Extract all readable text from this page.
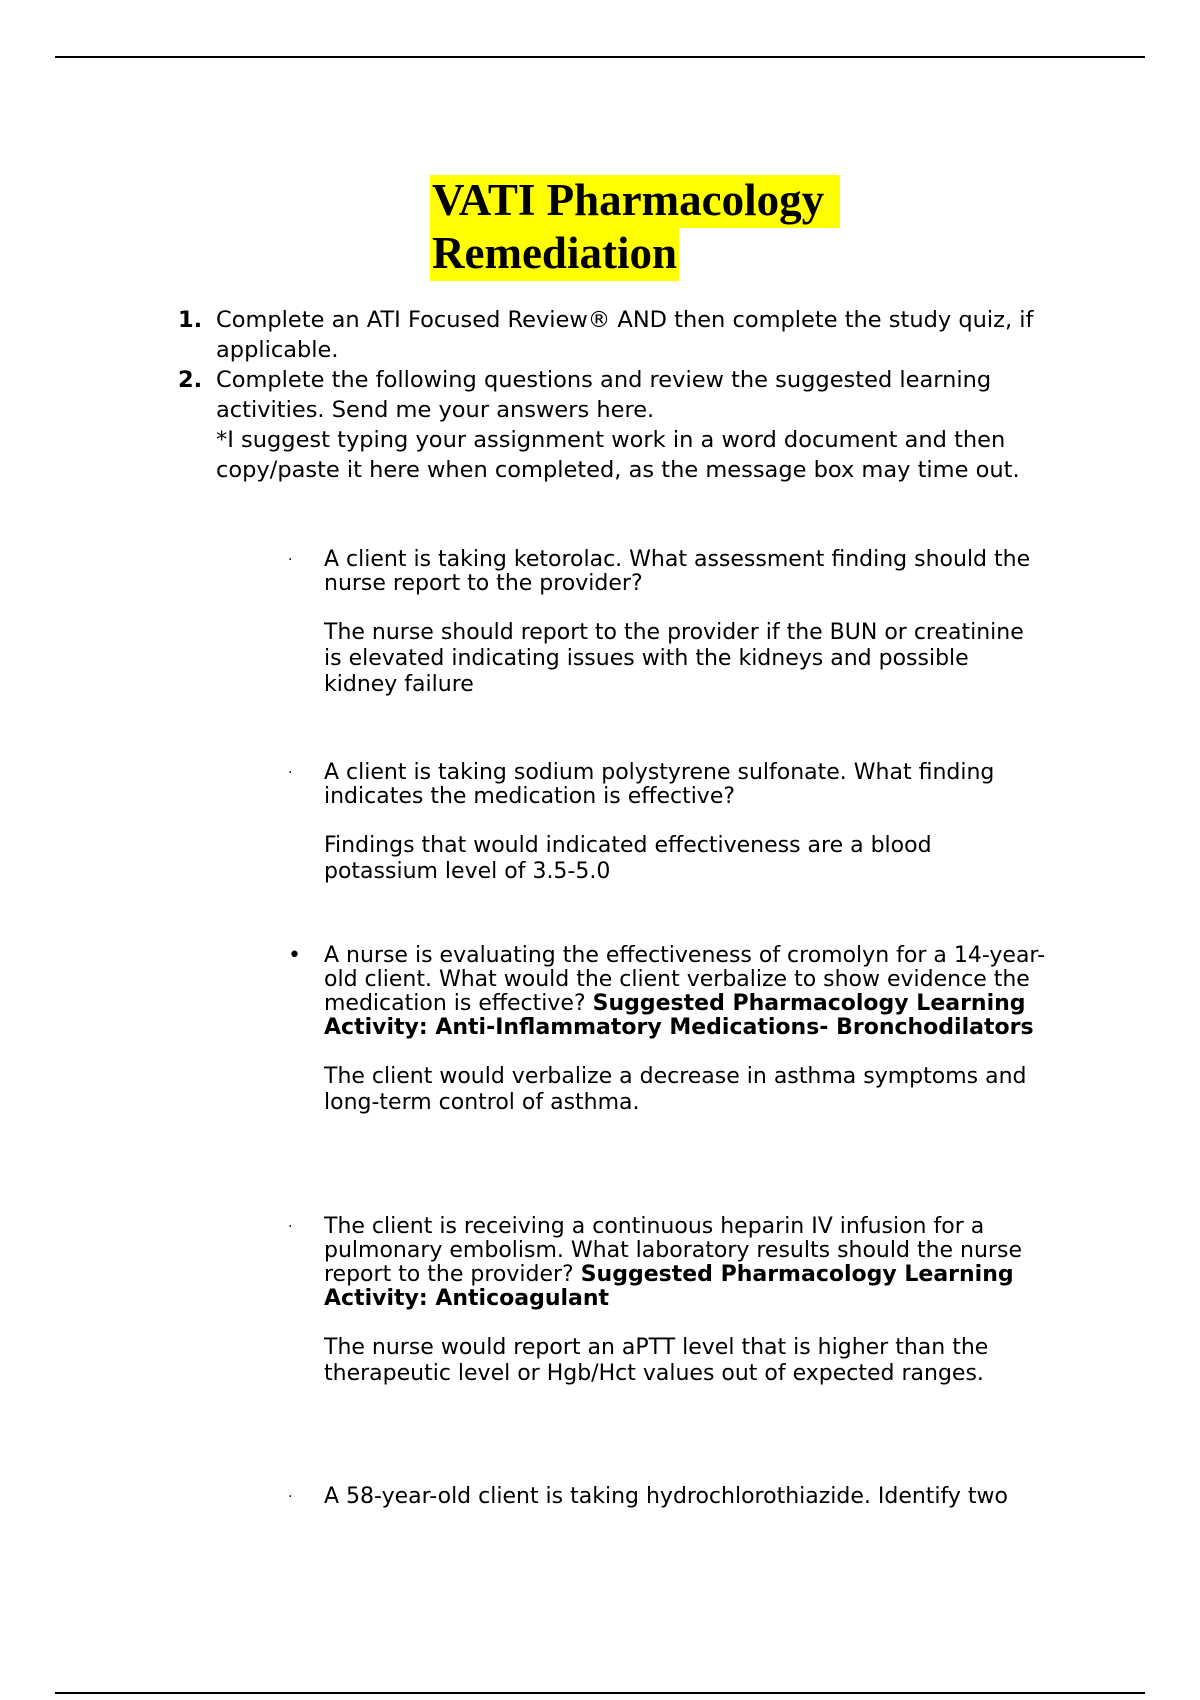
VATI Pharmacology
Remediation
1. Complete an ATI Focused Review® AND then complete the study quiz, if applicable.
2. Complete the following questions and review the suggested learning activities. Send me your answers here.
*I suggest typing your assignment work in a word document and then copy/paste it here when completed, as the message box may time out.
·	A client is taking ketorolac. What assessment finding should the nurse report to the provider?
The nurse should report to the provider if the BUN or creatinine is elevated indicating issues with the kidneys and possible kidney failure
·	A client is taking sodium polystyrene sulfonate. What finding indicates the medication is effective?
Findings that would indicated effectiveness are a blood potassium level of 3.5-5.0
•	A nurse is evaluating the effectiveness of cromolyn for a 14-year-old client. What would the client verbalize to show evidence the medication is effective? Suggested Pharmacology Learning Activity: Anti-Inflammatory Medications- Bronchodilators
The client would verbalize a decrease in asthma symptoms and long-term control of asthma.
·	The client is receiving a continuous heparin IV infusion for a pulmonary embolism. What laboratory results should the nurse report to the provider? Suggested Pharmacology Learning Activity: Anticoagulant
The nurse would report an aPTT level that is higher than the therapeutic level or Hgb/Hct values out of expected ranges.
·	A 58-year-old client is taking hydrochlorothiazide. Identify two
